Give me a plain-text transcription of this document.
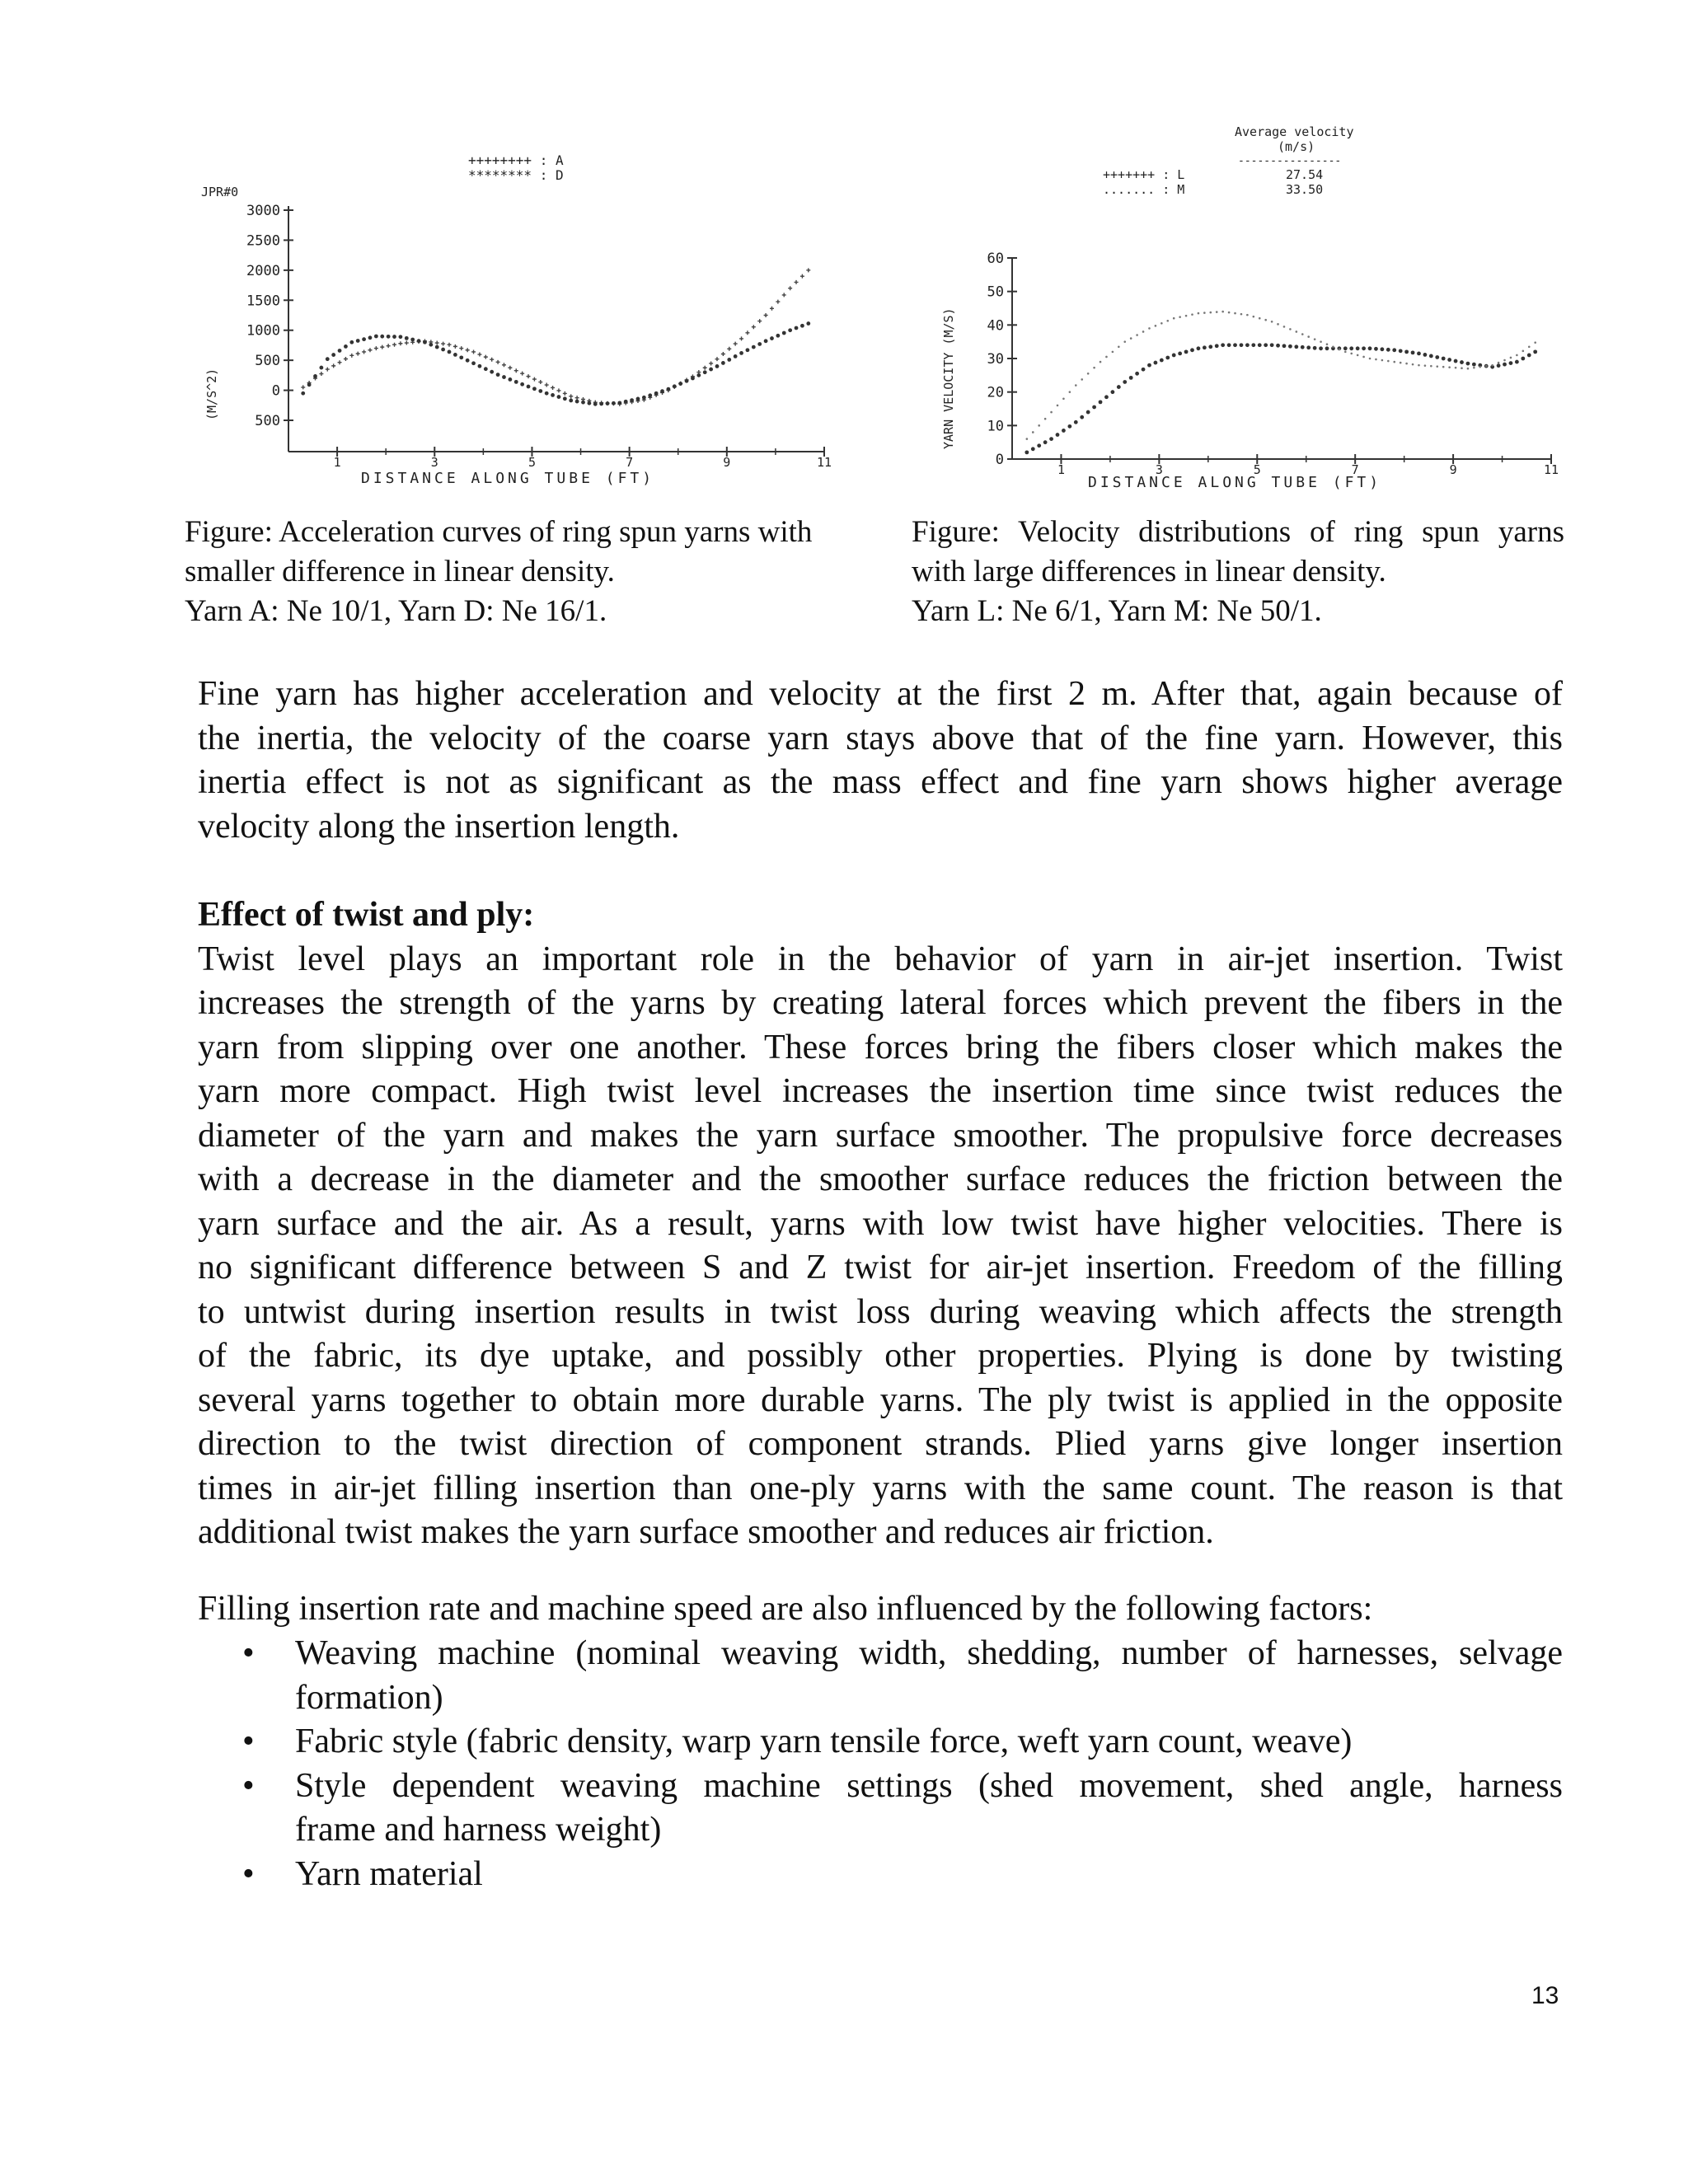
++++++++ : A
******** : D
JPR#0
(M/S^2)
3000
2500
2000
1500
1000
500
0
500
1	3	5	7	9	11
DISTANCE ALONG TUBE (FT)
Average velocity
(m/s)
----------------
+++++++ : L	27.54
....... : M	33.50
YARN VELOCITY (M/S)
60
50
40
30
20
10
0
1	3	5	7	9	11
DISTANCE ALONG TUBE (FT)
Figure: Acceleration curves of ring spun yarns with
smaller difference in linear density.
Yarn A: Ne 10/1, Yarn D: Ne 16/1.
Figure: Velocity distributions of ring spun yarns
with large differences in linear density.
Yarn L: Ne 6/1, Yarn M: Ne 50/1.
Fine yarn has higher acceleration and velocity at the first 2 m. After that, again because of
the inertia, the velocity of the coarse yarn stays above that of the fine yarn. However, this
inertia effect is not as significant as the mass effect and fine yarn shows higher average
velocity along the insertion length.
Effect of twist and ply:
Twist level plays an important role in the behavior of yarn in air-jet insertion. Twist
increases the strength of the yarns by creating lateral forces which prevent the fibers in the
yarn from slipping over one another. These forces bring the fibers closer which makes the
yarn more compact. High twist level increases the insertion time since twist reduces the
diameter of the yarn and makes the yarn surface smoother. The propulsive force decreases
with a decrease in the diameter and the smoother surface reduces the friction between the
yarn surface and the air. As a result, yarns with low twist have higher velocities. There is
no significant difference between S and Z twist for air-jet insertion. Freedom of the filling
to untwist during insertion results in twist loss during weaving which affects the strength
of the fabric, its dye uptake, and possibly other properties. Plying is done by twisting
several yarns together to obtain more durable yarns. The ply twist is applied in the opposite
direction to the twist direction of component strands. Plied yarns give longer insertion
times in air-jet filling insertion than one-ply yarns with the same count. The reason is that
additional twist makes the yarn surface smoother and reduces air friction.
Filling insertion rate and machine speed are also influenced by the following factors:
• Weaving machine (nominal weaving width, shedding, number of harnesses, selvage
formation)
• Fabric style (fabric density, warp yarn tensile force, weft yarn count, weave)
• Style dependent weaving machine settings (shed movement, shed angle, harness
frame and harness weight)
• Yarn material
13
